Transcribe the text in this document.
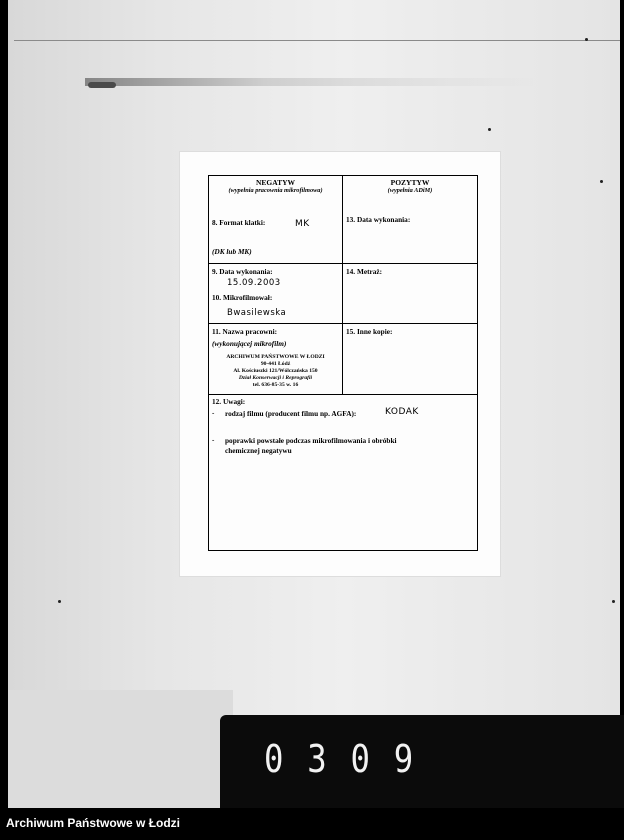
NEGATYW
(wypełnia pracownia mikrofilmowa)
8. Format klatki:	MK
(DK lub MK)
9. Data wykonania:
15.09.2003
10. Mikrofilmował:
Bwasilewska
11. Nazwa pracowni:
(wykonującej mikrofilm)
ARCHIWUM PAŃSTWOWE W ŁODZI
90-441 Łódź
Al. Kościuszki 121/Wólczańska 150
Dział Konserwacji i Reprografii
tel. 636-85-35 w. 16
POZYTYW
(wypełnia ADiM)
13. Data wykonania:
14. Metraż:
15. Inne kopie:
12. Uwagi:
- rodzaj filmu (producent filmu np. AGFA):	KODAK
- poprawki powstałe podczas mikrofilmowania i obróbki
chemicznej negatywu
0309
Archiwum Państwowe w Łodzi
